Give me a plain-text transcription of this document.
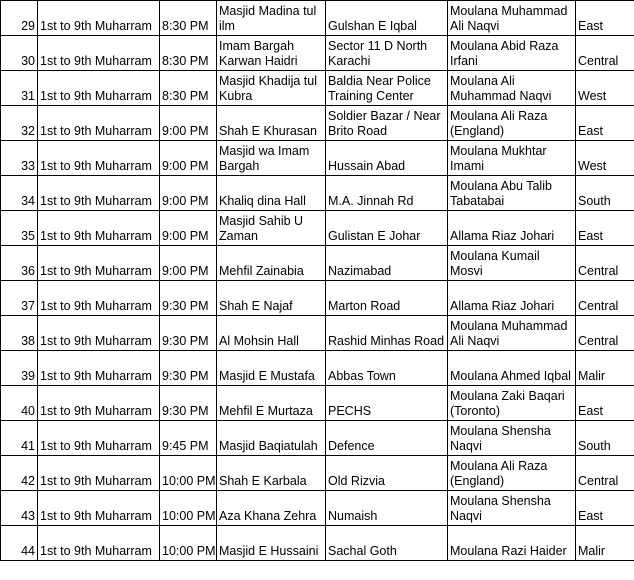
29	1st to 9th Muharram	8:30 PM	Masjid Madina tul ilm	Gulshan E Iqbal	Moulana Muhammad Ali Naqvi	East
30	1st to 9th Muharram	8:30 PM	Imam Bargah Karwan Haidri	Sector 11 D North Karachi	Moulana Abid Raza Irfani	Central
31	1st to 9th Muharram	8:30 PM	Masjid Khadija tul Kubra	Baldia Near Police Training Center	Moulana Ali Muhammad Naqvi	West
32	1st to 9th Muharram	9:00 PM	Shah E Khurasan	Soldier Bazar / Near Brito Road	Moulana Ali Raza (England)	East
33	1st to 9th Muharram	9:00 PM	Masjid wa Imam Bargah	Hussain Abad	Moulana Mukhtar Imami	West
34	1st to 9th Muharram	9:00 PM	Khaliq dina Hall	M.A. Jinnah Rd	Moulana Abu Talib Tabatabai	South
35	1st to 9th Muharram	9:00 PM	Masjid Sahib U Zaman	Gulistan E Johar	Allama Riaz Johari	East
36	1st to 9th Muharram	9:00 PM	Mehfil Zainabia	Nazimabad	Moulana Kumail Mosvi	Central
37	1st to 9th Muharram	9:30 PM	Shah E Najaf	Marton Road	Allama Riaz Johari	Central
38	1st to 9th Muharram	9:30 PM	Al Mohsin Hall	Rashid Minhas Road	Moulana Muhammad Ali Naqvi	Central
39	1st to 9th Muharram	9:30 PM	Masjid E Mustafa	Abbas Town	Moulana Ahmed Iqbal	Malir
40	1st to 9th Muharram	9:30 PM	Mehfil E Murtaza	PECHS	Moulana Zaki Baqari (Toronto)	East
41	1st to 9th Muharram	9:45 PM	Masjid Baqiatulah	Defence	Moulana Shensha Naqvi	South
42	1st to 9th Muharram	10:00 PM	Shah E Karbala	Old Rizvia	Moulana Ali Raza (England)	Central
43	1st to 9th Muharram	10:00 PM	Aza Khana Zehra	Numaish	Moulana Shensha Naqvi	East
44	1st to 9th Muharram	10:00 PM	Masjid E Hussaini	Sachal Goth	Moulana Razi Haider	Malir
